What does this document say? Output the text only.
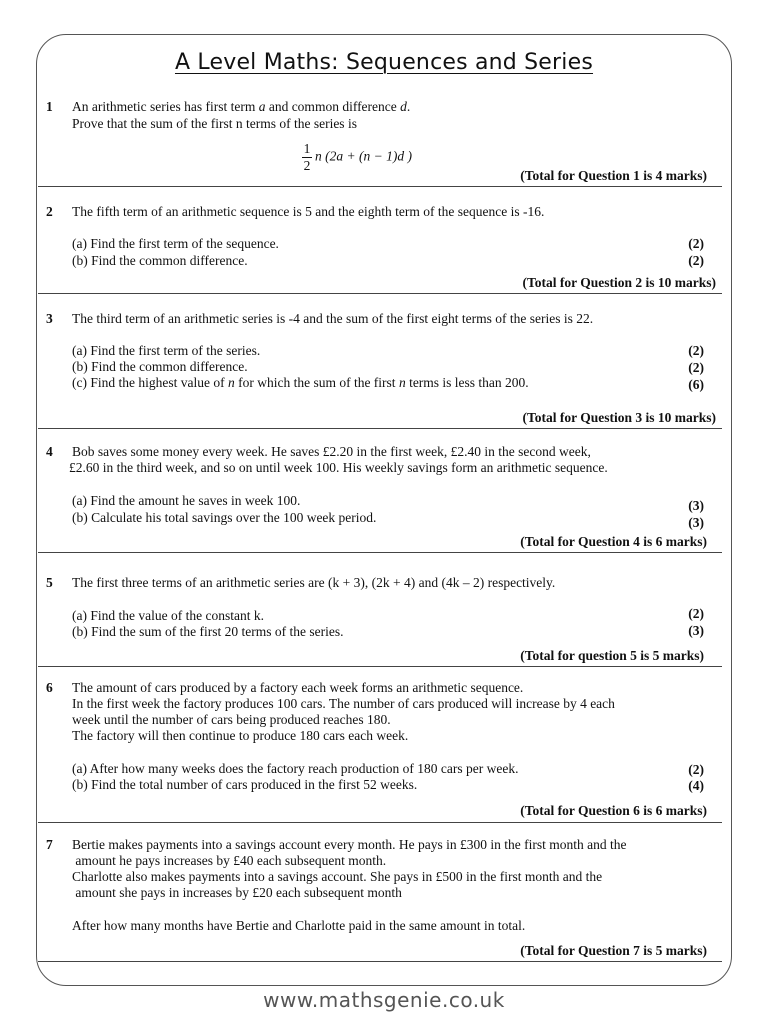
A Level Maths: Sequences and Series
1 An arithmetic series has first term a and common difference d.
Prove that the sum of the first n terms of the series is
$\frac{1}{2}$ n (2a + (n − 1)d )
(Total for Question 1 is 4 marks)
2 The fifth term of an arithmetic sequence is 5 and the eighth term of the sequence is -16.
(a) Find the first term of the sequence.	(2)
(b) Find the common difference.	(2)
(Total for Question 2 is 10 marks)
3 The third term of an arithmetic series is -4 and the sum of the first eight terms of the series is 22.
(a) Find the first term of the series.	(2)
(b) Find the common difference.	(2)
(c) Find the highest value of n for which the sum of the first n terms is less than 200.	(6)
(Total for Question 3 is 10 marks)
4 Bob saves some money every week. He saves £2.20 in the first week, £2.40 in the second week,
£2.60 in the third week, and so on until week 100. His weekly savings form an arithmetic sequence.
(a) Find the amount he saves in week 100.	(3)
(b) Calculate his total savings over the 100 week period.	(3)
(Total for Question 4 is 6 marks)
5 The first three terms of an arithmetic series are (k + 3), (2k + 4) and (4k – 2) respectively.
(a) Find the value of the constant k.	(2)
(b) Find the sum of the first 20 terms of the series.	(3)
(Total for question 5 is 5 marks)
6 The amount of cars produced by a factory each week forms an arithmetic sequence.
In the first week the factory produces 100 cars. The number of cars produced will increase by 4 each
week until the number of cars being produced reaches 180.
The factory will then continue to produce 180 cars each week.
(a) After how many weeks does the factory reach production of 180 cars per week.	(2)
(b) Find the total number of cars produced in the first 52 weeks.	(4)
(Total for Question 6 is 6 marks)
7 Bertie makes payments into a savings account every month. He pays in £300 in the first month and the
amount he pays increases by £40 each subsequent month.
Charlotte also makes payments into a savings account. She pays in £500 in the first month and the
amount she pays in increases by £20 each subsequent month
After how many months have Bertie and Charlotte paid in the same amount in total.
(Total for Question 7 is 5 marks)
www.mathsgenie.co.uk
